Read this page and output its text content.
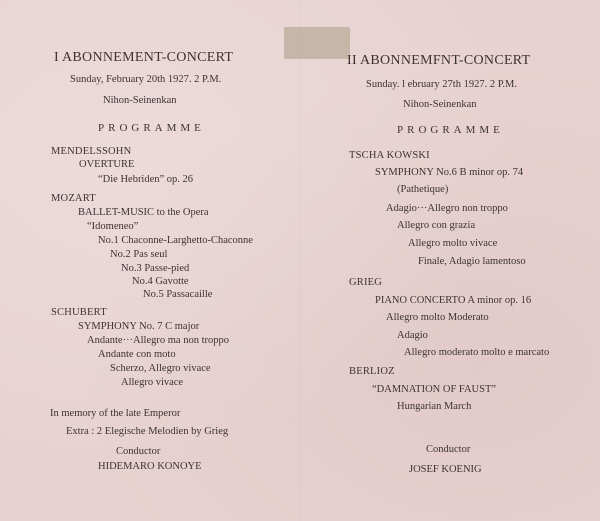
I ABONNEMENT-CONCERT
Sunday, February 20th 1927. 2 P.M.
Nihon-Seinenkan
PROGRAMME
MENDELSSOHN
OVERTURE
“Die Hebriden” op. 26
MOZART
BALLET-MUSIC to the Opera
“Idomeneo”
No.1 Chaconne-Larghetto-Chaconne
No.2 Pas seul
No.3 Passe-pied
No.4 Gavotte
No.5 Passacaille
SCHUBERT
SYMPHONY No. 7 C major
Andante···Allegro ma non troppo
Andante con moto
Scherzo, Allegro vivace
Allegro vivace
In memory of the late Emperor
Extra : 2 Elegische Melodien by Grieg
Conductor
HIDEMARO KONOYE
II ABONNEMFNT-CONCERT
Sunday. l ebruary 27th 1927. 2 P.M.
Nihon-Seinenkan
PROGRAMME
TSCHA KOWSKI
SYMPHONY No.6 B minor op. 74
(Pathetique)
Adagio···Allegro non troppo
Allegro con grazia
Allegro molto vivace
Finale, Adagio lamentoso
GRIEG
PIANO CONCERTO A minor op. 16
Allegro molto Moderato
Adagio
Allegro moderato molto e marcato
BERLIOZ
“DAMNATION OF FAUST”
Hungarian March
Conductor
JOSEF KOENIG
